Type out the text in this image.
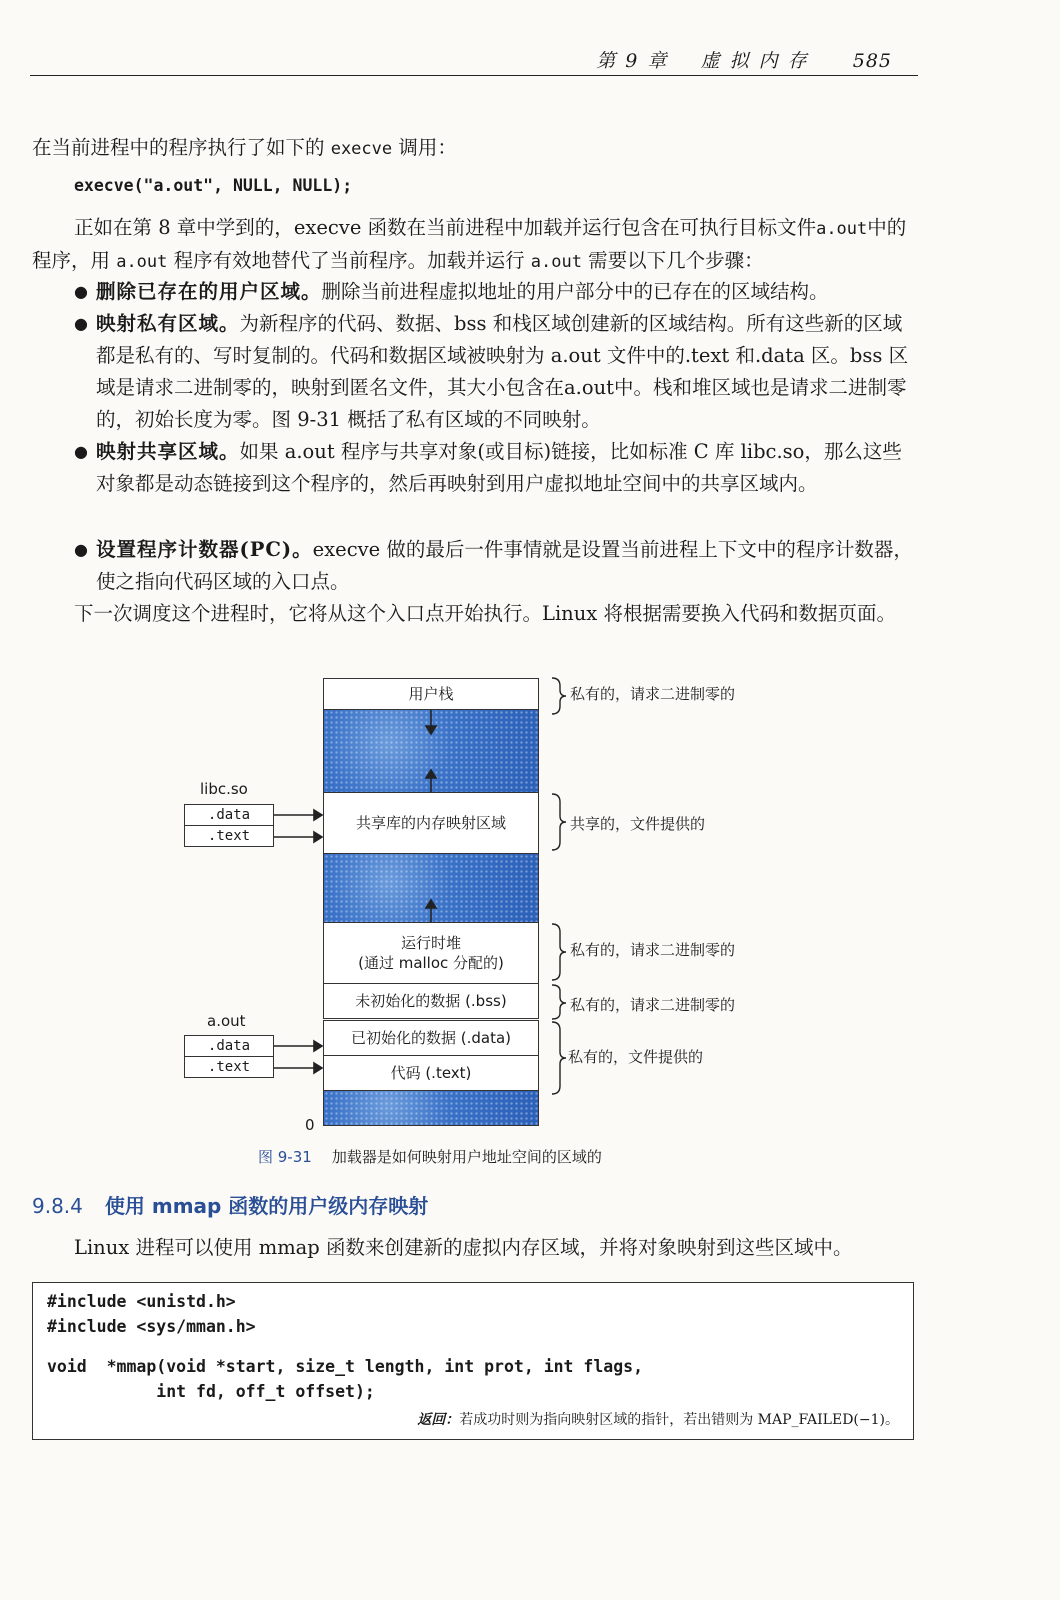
第 9 章 虚 拟 内 存 585
在当前进程中的程序执行了如下的 execve 调用：
execve("a.out", NULL, NULL);
正如在第 8 章中学到的，execve 函数在当前进程中加载并运行包含在可执行目标文件a.out中的程序，用 a.out 程序有效地替代了当前程序。加载并运行 a.out 需要以下几个步骤：
● 删除已存在的用户区域。删除当前进程虚拟地址的用户部分中的已存在的区域结构。
● 映射私有区域。为新程序的代码、数据、bss 和栈区域创建新的区域结构。所有这些新的区域都是私有的、写时复制的。代码和数据区域被映射为 a.out 文件中的.text 和.data 区。bss 区域是请求二进制零的，映射到匿名文件，其大小包含在a.out中。栈和堆区域也是请求二进制零的，初始长度为零。图 9-31 概括了私有区域的不同映射。
● 映射共享区域。如果 a.out 程序与共享对象(或目标)链接，比如标准 C 库 libc.so，那么这些对象都是动态链接到这个程序的，然后再映射到用户虚拟地址空间中的共享区域内。
● 设置程序计数器(PC)。execve 做的最后一件事情就是设置当前进程上下文中的程序计数器，使之指向代码区域的入口点。
下一次调度这个进程时，它将从这个入口点开始执行。Linux 将根据需要换入代码和数据页面。
用户栈
共享库的内存映射区域
运行时堆
(通过 malloc 分配的)
未初始化的数据 (.bss)
已初始化的数据 (.data)
代码 (.text)
0
libc.so
.data
.text
a.out
.data
.text
私有的，请求二进制零的
共享的，文件提供的
私有的，请求二进制零的
私有的，请求二进制零的
私有的，文件提供的
图 9-31 加载器是如何映射用户地址空间的区域的
9.8.4 使用 mmap 函数的用户级内存映射
Linux 进程可以使用 mmap 函数来创建新的虚拟内存区域，并将对象映射到这些区域中。
#include <unistd.h>
#include <sys/mman.h>
void  *mmap(void *start, size_t length, int prot, int flags,
int fd, off_t offset);
返回：若成功时则为指向映射区域的指针，若出错则为 MAP_FAILED(−1)。
